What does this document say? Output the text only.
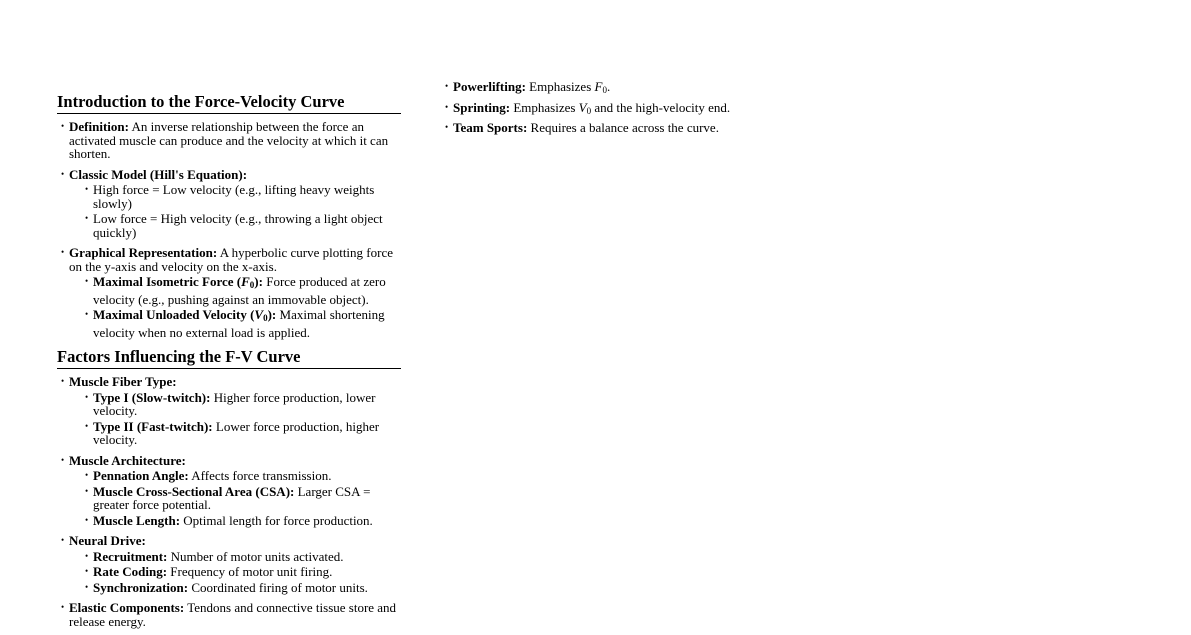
Introduction to the Force-Velocity Curve
• Definition: An inverse relationship between the force an activated muscle can produce and the velocity at which it can shorten.
• Classic Model (Hill's Equation):
• High force = Low velocity (e.g., lifting heavy weights slowly)
• Low force = High velocity (e.g., throwing a light object quickly)
• Graphical Representation: A hyperbolic curve plotting force on the y-axis and velocity on the x-axis.
• Maximal Isometric Force $(F_0)$: Force produced at zero velocity (e.g., pushing against an immovable object).
• Maximal Unloaded Velocity $(V_0)$: Maximal shortening velocity when no external load is applied.
Factors Influencing the F-V Curve
• Muscle Fiber Type:
• Type I (Slow-twitch): Higher force production, lower velocity.
• Type II (Fast-twitch): Lower force production, higher velocity.
• Muscle Architecture:
• Pennation Angle: Affects force transmission.
• Muscle Cross-Sectional Area (CSA): Larger CSA = greater force potential.
• Muscle Length: Optimal length for force production.
• Neural Drive:
• Recruitment: Number of motor units activated.
• Rate Coding: Frequency of motor unit firing.
• Synchronization: Coordinated firing of motor units.
• Elastic Components: Tendons and connective tissue store and release energy.
• Powerlifting: Emphasizes $F_0$.
• Sprinting: Emphasizes $V_0$ and the high-velocity end.
• Team Sports: Requires a balance across the curve.
